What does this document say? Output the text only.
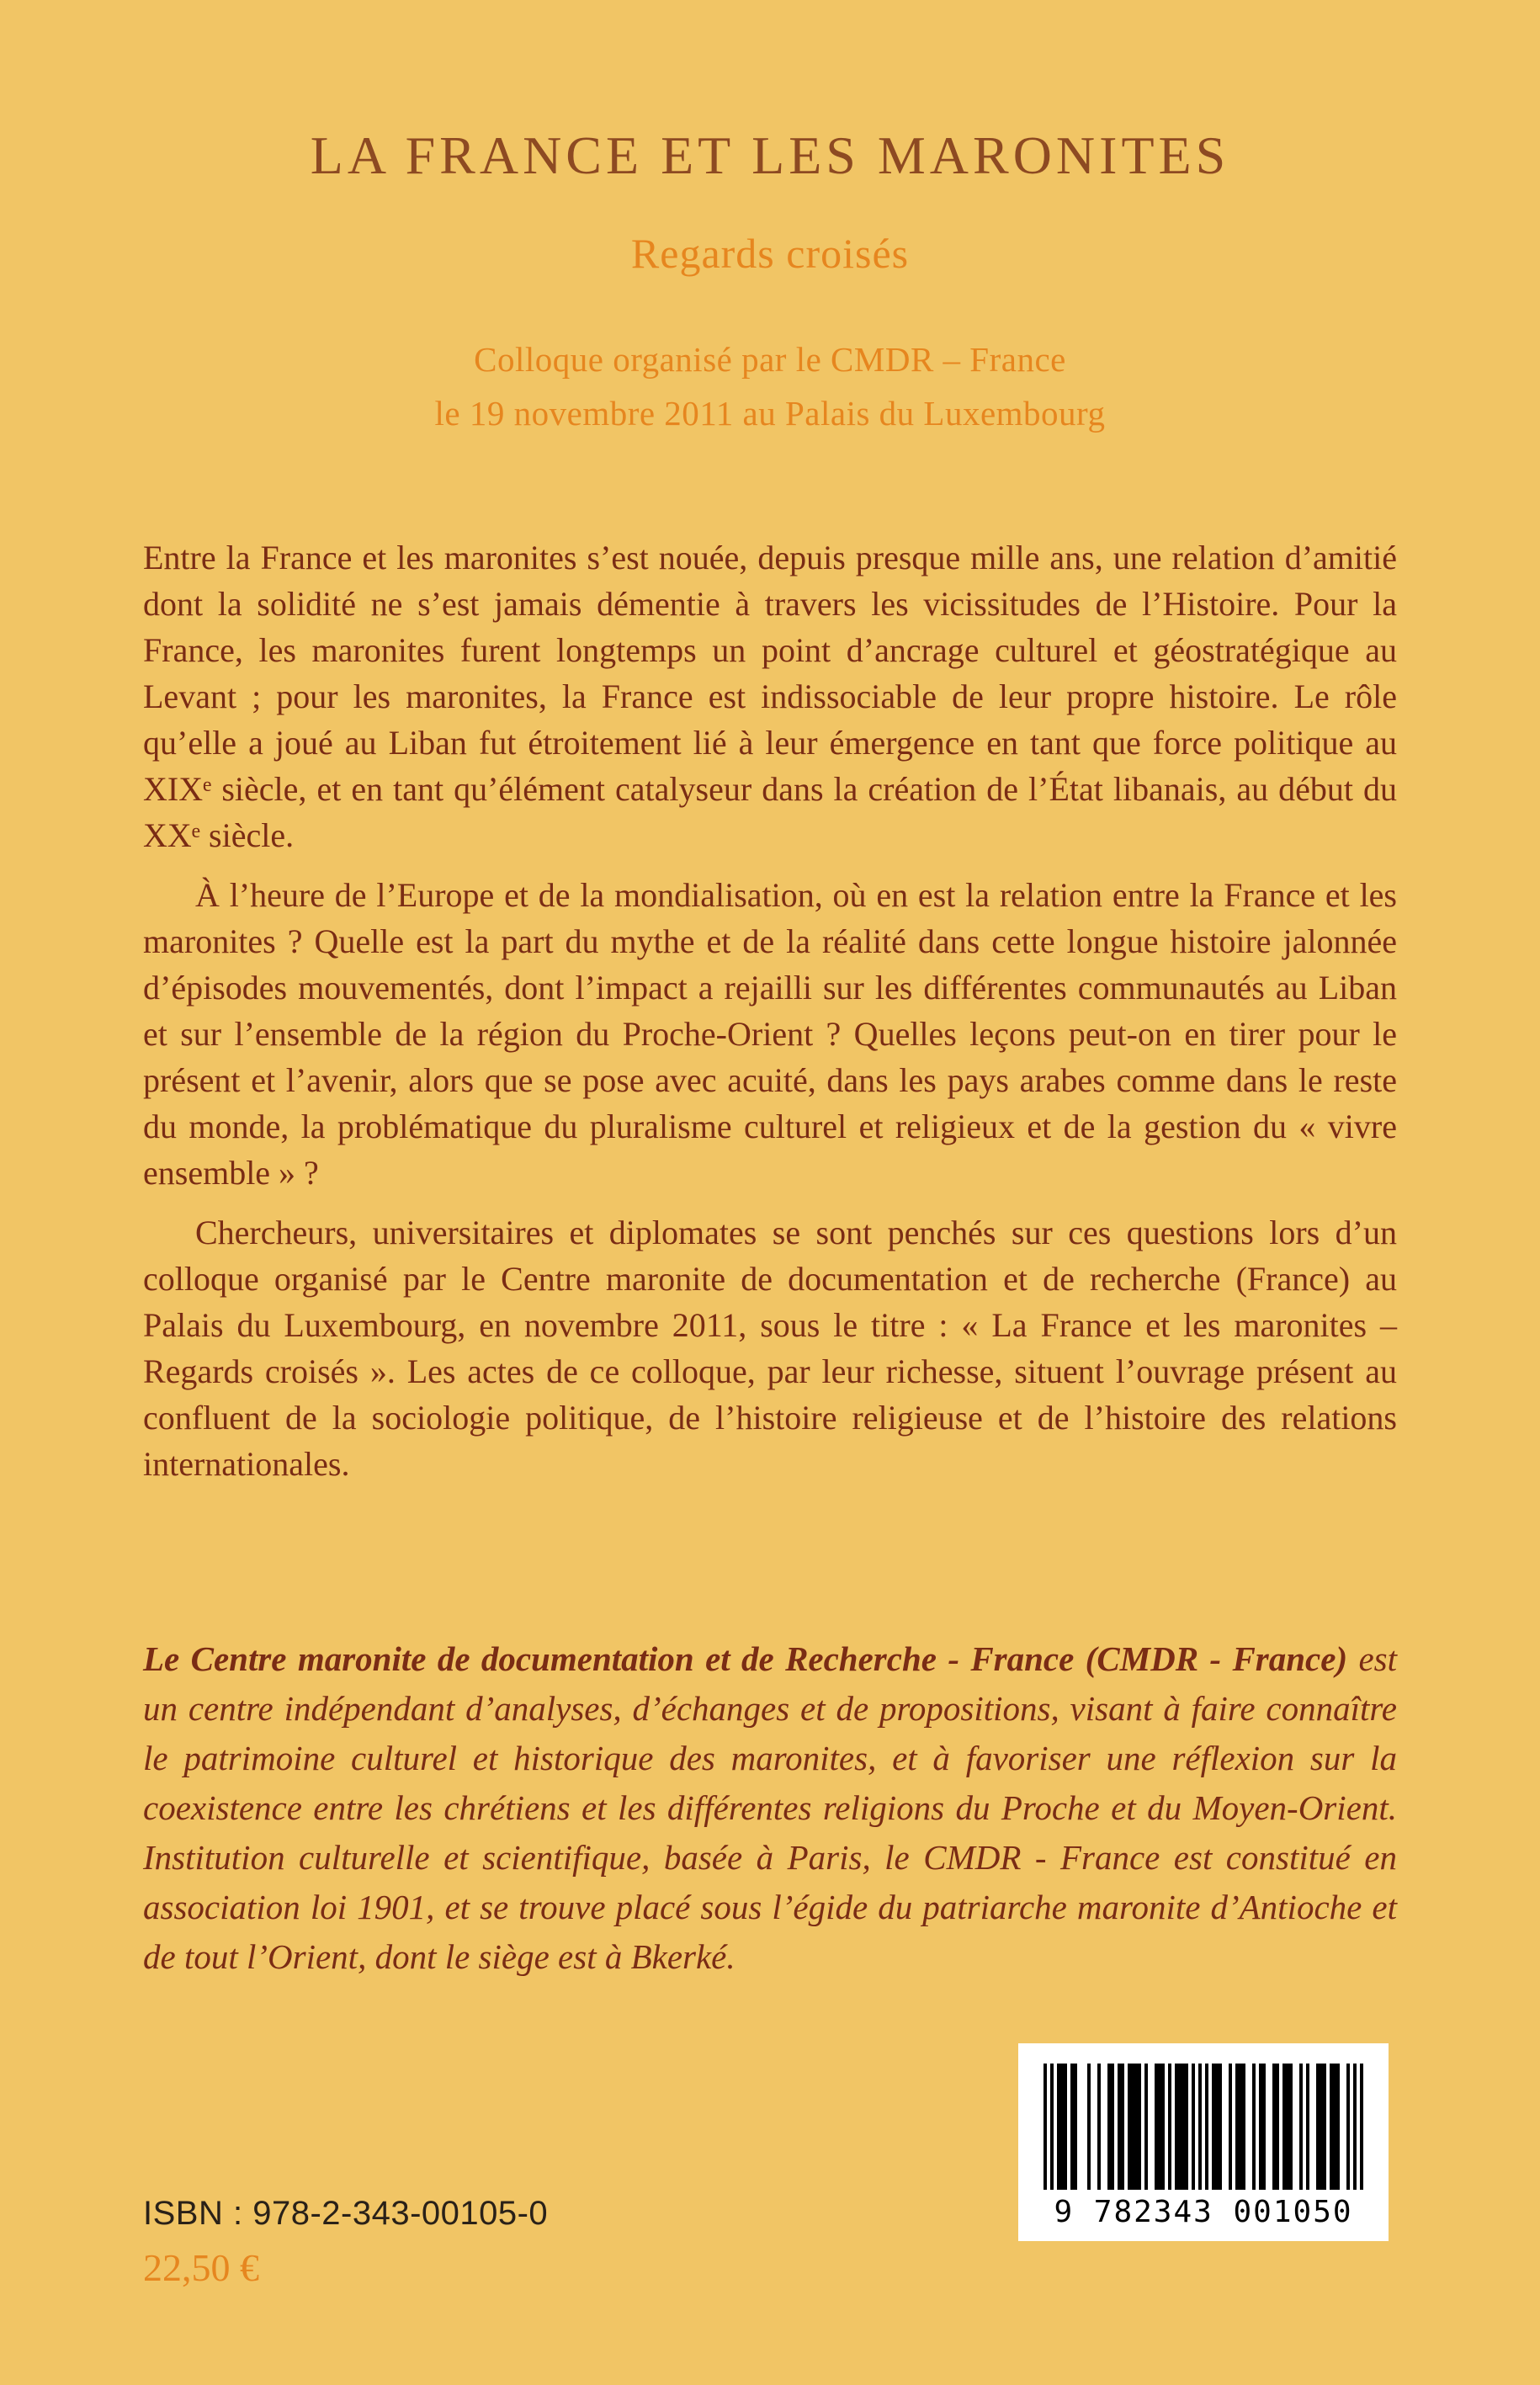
LA FRANCE ET LES MARONITES
Regards croisés
Colloque organisé par le CMDR – France
le 19 novembre 2011 au Palais du Luxembourg

Entre la France et les maronites s’est nouée, depuis presque mille ans, une relation d’amitié dont la solidité ne s’est jamais démentie à travers les vicissitudes de l’Histoire. Pour la France, les maronites furent longtemps un point d’ancrage culturel et géostratégique au Levant ; pour les maronites, la France est indissociable de leur propre histoire. Le rôle qu’elle a joué au Liban fut étroitement lié à leur émergence en tant que force politique au XIXᵉ siècle, et en tant qu’élément catalyseur dans la création de l’État libanais, au début du XXᵉ siècle.

À l’heure de l’Europe et de la mondialisation, où en est la relation entre la France et les maronites ? Quelle est la part du mythe et de la réalité dans cette longue histoire jalonnée d’épisodes mouvementés, dont l’impact a rejailli sur les différentes communautés au Liban et sur l’ensemble de la région du Proche-Orient ? Quelles leçons peut-on en tirer pour le présent et l’avenir, alors que se pose avec acuité, dans les pays arabes comme dans le reste du monde, la problématique du pluralisme culturel et religieux et de la gestion du « vivre ensemble » ?

Chercheurs, universitaires et diplomates se sont penchés sur ces questions lors d’un colloque organisé par le Centre maronite de documentation et de recherche (France) au Palais du Luxembourg, en novembre 2011, sous le titre : « La France et les maronites – Regards croisés ». Les actes de ce colloque, par leur richesse, situent l’ouvrage présent au confluent de la sociologie politique, de l’histoire religieuse et de l’histoire des relations internationales.

Le Centre maronite de documentation et de Recherche - France (CMDR - France) est un centre indépendant d’analyses, d’échanges et de propositions, visant à faire connaître le patrimoine culturel et historique des maronites, et à favoriser une réflexion sur la coexistence entre les chrétiens et les différentes religions du Proche et du Moyen-Orient. Institution culturelle et scientifique, basée à Paris, le CMDR - France est constitué en association loi 1901, et se trouve placé sous l’égide du patriarche maronite d’Antioche et de tout l’Orient, dont le siège est à Bkerké.
ISBN : 978-2-343-00105-0
22,50 €
9 782343 001050
